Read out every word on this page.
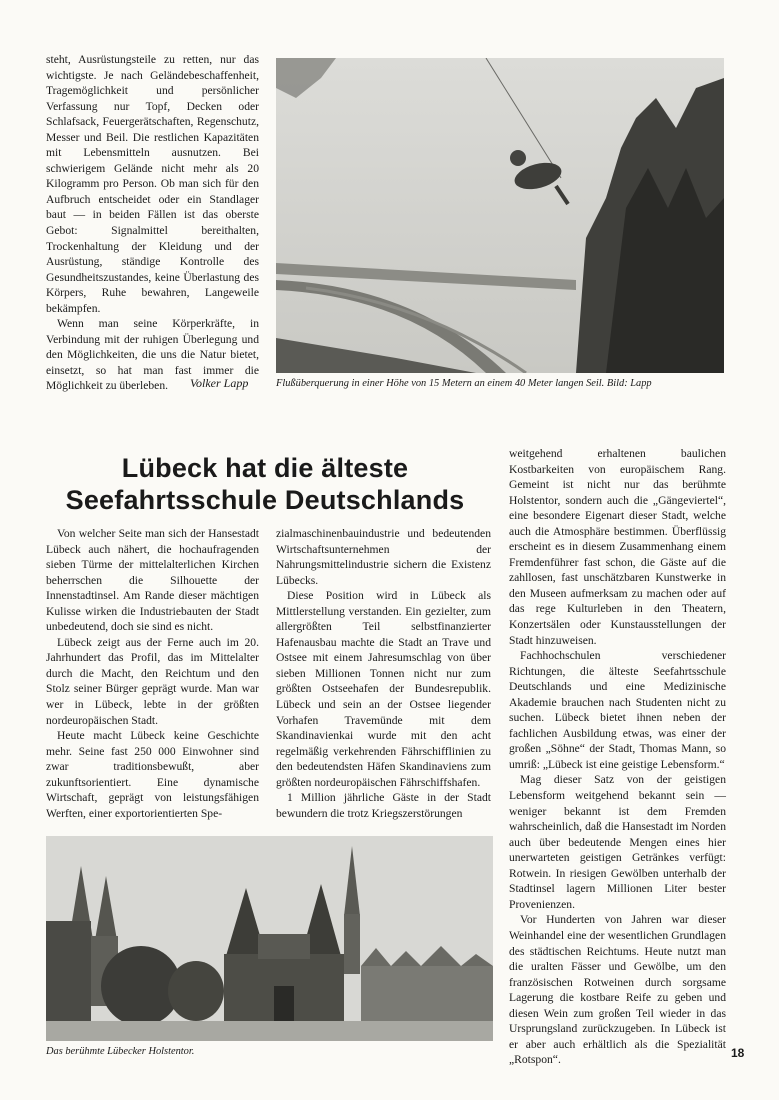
steht, Ausrüstungsteile zu retten, nur das wichtigste. Je nach Geländebeschaffenheit, Tragemöglichkeit und persönlicher Verfassung nur Topf, Decken oder Schlafsack, Feuergerätschaften, Regenschutz, Messer und Beil. Die restlichen Kapazitäten mit Lebensmitteln ausnutzen. Bei schwierigem Gelände nicht mehr als 20 Kilogramm pro Person. Ob man sich für den Aufbruch entscheidet oder ein Standlager baut — in beiden Fällen ist das oberste Gebot: Signalmittel bereithalten, Trockenhaltung der Kleidung und der Ausrüstung, ständige Kontrolle des Gesundheitszustandes, keine Überlastung des Körpers, Ruhe bewahren, Langeweile bekämpfen.

Wenn man seine Körperkräfte, in Verbindung mit der ruhigen Überlegung und den Möglichkeiten, die uns die Natur bietet, einsetzt, so hat man fast immer die Möglichkeit zu überleben.	Volker Lapp	Flußüberquerung in einer Höhe von 15 Metern an einem 40 Meter langen Seil. Bild: Lapp
Lübeck hat die älteste
Seefahrtsschule Deutschlands

Von welcher Seite man sich der Hansestadt Lübeck auch nähert, die hochaufragenden sieben Türme der mittelalterlichen Kirchen beherrschen die Silhouette der Innenstadtinsel. Am Rande dieser mächtigen Kulisse wirken die Industriebauten der Stadt unbedeutend, doch sie sind es nicht.

Lübeck zeigt aus der Ferne auch im 20. Jahrhundert das Profil, das im Mittelalter durch die Macht, den Reichtum und den Stolz seiner Bürger geprägt wurde. Man war wer in Lübeck, lebte in der größten nordeuropäischen Stadt.

Heute macht Lübeck keine Geschichte mehr. Seine fast 250 000 Einwohner sind zwar traditionsbewußt, aber zukunftsorientiert. Eine dynamische Wirtschaft, geprägt von leistungsfähigen Werften, einer exportorientierten Spe-

zialmaschinenbauindustrie und bedeutenden Wirtschaftsunternehmen der Nahrungsmittelindustrie sichern die Existenz Lübecks.

Diese Position wird in Lübeck als Mittlerstellung verstanden. Ein gezielter, zum allergrößten Teil selbstfinanzierter Hafenausbau machte die Stadt an Trave und Ostsee mit einem Jahresumschlag von über sieben Millionen Tonnen nicht nur zum größten Ostseehafen der Bundesrepublik. Lübeck und sein an der Ostsee liegender Vorhafen Travemünde mit dem Skandinavienkai wurde mit den acht regelmäßig verkehrenden Fährschifflinien zu den bedeutendsten Häfen Skandinaviens zum größten nordeuropäischen Fährschiffshafen.

1 Million jährliche Gäste in der Stadt bewundern die trotz Kriegszerstörungen

weitgehend erhaltenen baulichen Kostbarkeiten von europäischem Rang. Gemeint ist nicht nur das berühmte Holstentor, sondern auch die „Gängeviertel“, eine besondere Eigenart dieser Stadt, welche auch die Atmosphäre bestimmen. Überflüssig erscheint es in diesem Zusammenhang einem Fremdenführer fast schon, die Gäste auf die zahllosen, fast unschätzbaren Kunstwerke in den Museen aufmerksam zu machen oder auf das rege Kulturleben in den Theatern, Konzertsälen oder Kunstausstellungen der Stadt hinzuweisen.

Fachhochschulen verschiedener Richtungen, die älteste Seefahrtsschule Deutschlands und eine Medizinische Akademie brauchen nach Studenten nicht zu suchen. Lübeck bietet ihnen neben der fachlichen Ausbildung etwas, was einer der großen „Söhne“ der Stadt, Thomas Mann, so umriß: „Lübeck ist eine geistige Lebensform.“

Mag dieser Satz von der geistigen Lebensform weitgehend bekannt sein — weniger bekannt ist dem Fremden wahrscheinlich, daß die Hansestadt im Norden auch über bedeutende Mengen eines hier unerwarteten geistigen Getränkes verfügt: Rotwein. In riesigen Gewölben unterhalb der Stadtinsel lagern Millionen Liter bester Provenienzen.

Vor Hunderten von Jahren war dieser Weinhandel eine der wesentlichen Grundlagen des städtischen Reichtums. Heute nutzt man die uralten Fässer und Gewölbe, um den französischen Rotweinen durch sorgsame Lagerung die kostbare Reife zu geben und diesen Wein zum großen Teil wieder in das Ursprungsland zurückzugeben. In Lübeck ist er aber auch erhältlich als die Spezialität „Rotspon“.

Das berühmte Lübecker Holstentor.	18
